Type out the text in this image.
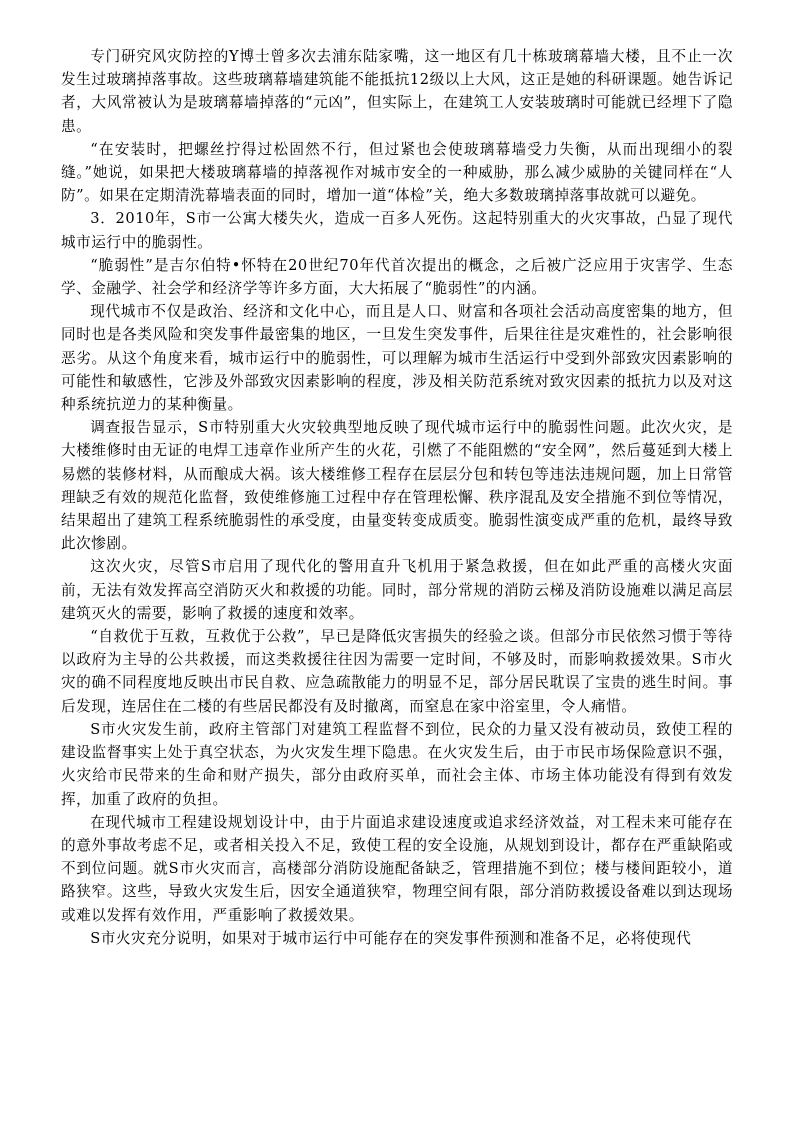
专门研究风灾防控的Y博士曾多次去浦东陆家嘴，这一地区有几十栋玻璃幕墙大楼，且不止一次发生过玻璃掉落事故。这些玻璃幕墙建筑能不能抵抗12级以上大风，这正是她的科研课题。她告诉记者，大风常被认为是玻璃幕墙掉落的“元凶”，但实际上，在建筑工人安装玻璃时可能就已经埋下了隐患。

“在安装时，把螺丝拧得过松固然不行，但过紧也会使玻璃幕墙受力失衡，从而出现细小的裂缝。”她说，如果把大楼玻璃幕墙的掉落视作对城市安全的一种威胁，那么减少威胁的关键同样在“人防”。如果在定期清洗幕墙表面的同时，增加一道“体检”关，绝大多数玻璃掉落事故就可以避免。

3．2010年，S市一公寓大楼失火，造成一百多人死伤。这起特别重大的火灾事故，凸显了现代城市运行中的脆弱性。

“脆弱性”是吉尔伯特•怀特在20世纪70年代首次提出的概念，之后被广泛应用于灾害学、生态学、金融学、社会学和经济学等许多方面，大大拓展了“脆弱性”的内涵。

现代城市不仅是政治、经济和文化中心，而且是人口、财富和各项社会活动高度密集的地方，但同时也是各类风险和突发事件最密集的地区，一旦发生突发事件，后果往往是灾难性的，社会影响很恶劣。从这个角度来看，城市运行中的脆弱性，可以理解为城市生活运行中受到外部致灾因素影响的可能性和敏感性，它涉及外部致灾因素影响的程度，涉及相关防范系统对致灾因素的抵抗力以及对这种系统抗逆力的某种衡量。

调查报告显示，S市特别重大火灾较典型地反映了现代城市运行中的脆弱性问题。此次火灾，是大楼维修时由无证的电焊工违章作业所产生的火花，引燃了不能阻燃的“安全网”，然后蔓延到大楼上易燃的装修材料，从而酿成大祸。该大楼维修工程存在层层分包和转包等违法违规问题，加上日常管理缺乏有效的规范化监督，致使维修施工过程中存在管理松懈、秩序混乱及安全措施不到位等情况，结果超出了建筑工程系统脆弱性的承受度，由量变转变成质变。脆弱性演变成严重的危机，最终导致此次惨剧。

这次火灾，尽管S市启用了现代化的警用直升飞机用于紧急救援，但在如此严重的高楼火灾面前，无法有效发挥高空消防灭火和救援的功能。同时，部分常规的消防云梯及消防设施难以满足高层建筑灭火的需要，影响了救援的速度和效率。

“自救优于互救，互救优于公救”，早已是降低灾害损失的经验之谈。但部分市民依然习惯于等待以政府为主导的公共救援，而这类救援往往因为需要一定时间，不够及时，而影响救援效果。S市火灾的确不同程度地反映出市民自救、应急疏散能力的明显不足，部分居民耽误了宝贵的逃生时间。事后发现，连居住在二楼的有些居民都没有及时撤离，而窒息在家中浴室里，令人痛惜。

S市火灾发生前，政府主管部门对建筑工程监督不到位，民众的力量又没有被动员，致使工程的建设监督事实上处于真空状态，为火灾发生埋下隐患。在火灾发生后，由于市民市场保险意识不强，火灾给市民带来的生命和财产损失，部分由政府买单，而社会主体、市场主体功能没有得到有效发挥，加重了政府的负担。

在现代城市工程建设规划设计中，由于片面追求建设速度或追求经济效益，对工程未来可能存在的意外事故考虑不足，或者相关投入不足，致使工程的安全设施，从规划到设计，都存在严重缺陷或不到位问题。就S市火灾而言，高楼部分消防设施配备缺乏，管理措施不到位；楼与楼间距较小，道路狭窄。这些，导致火灾发生后，因安全通道狭窄，物理空间有限，部分消防救援设备难以到达现场或难以发挥有效作用，严重影响了救援效果。

S市火灾充分说明，如果对于城市运行中可能存在的突发事件预测和准备不足，必将使现代
